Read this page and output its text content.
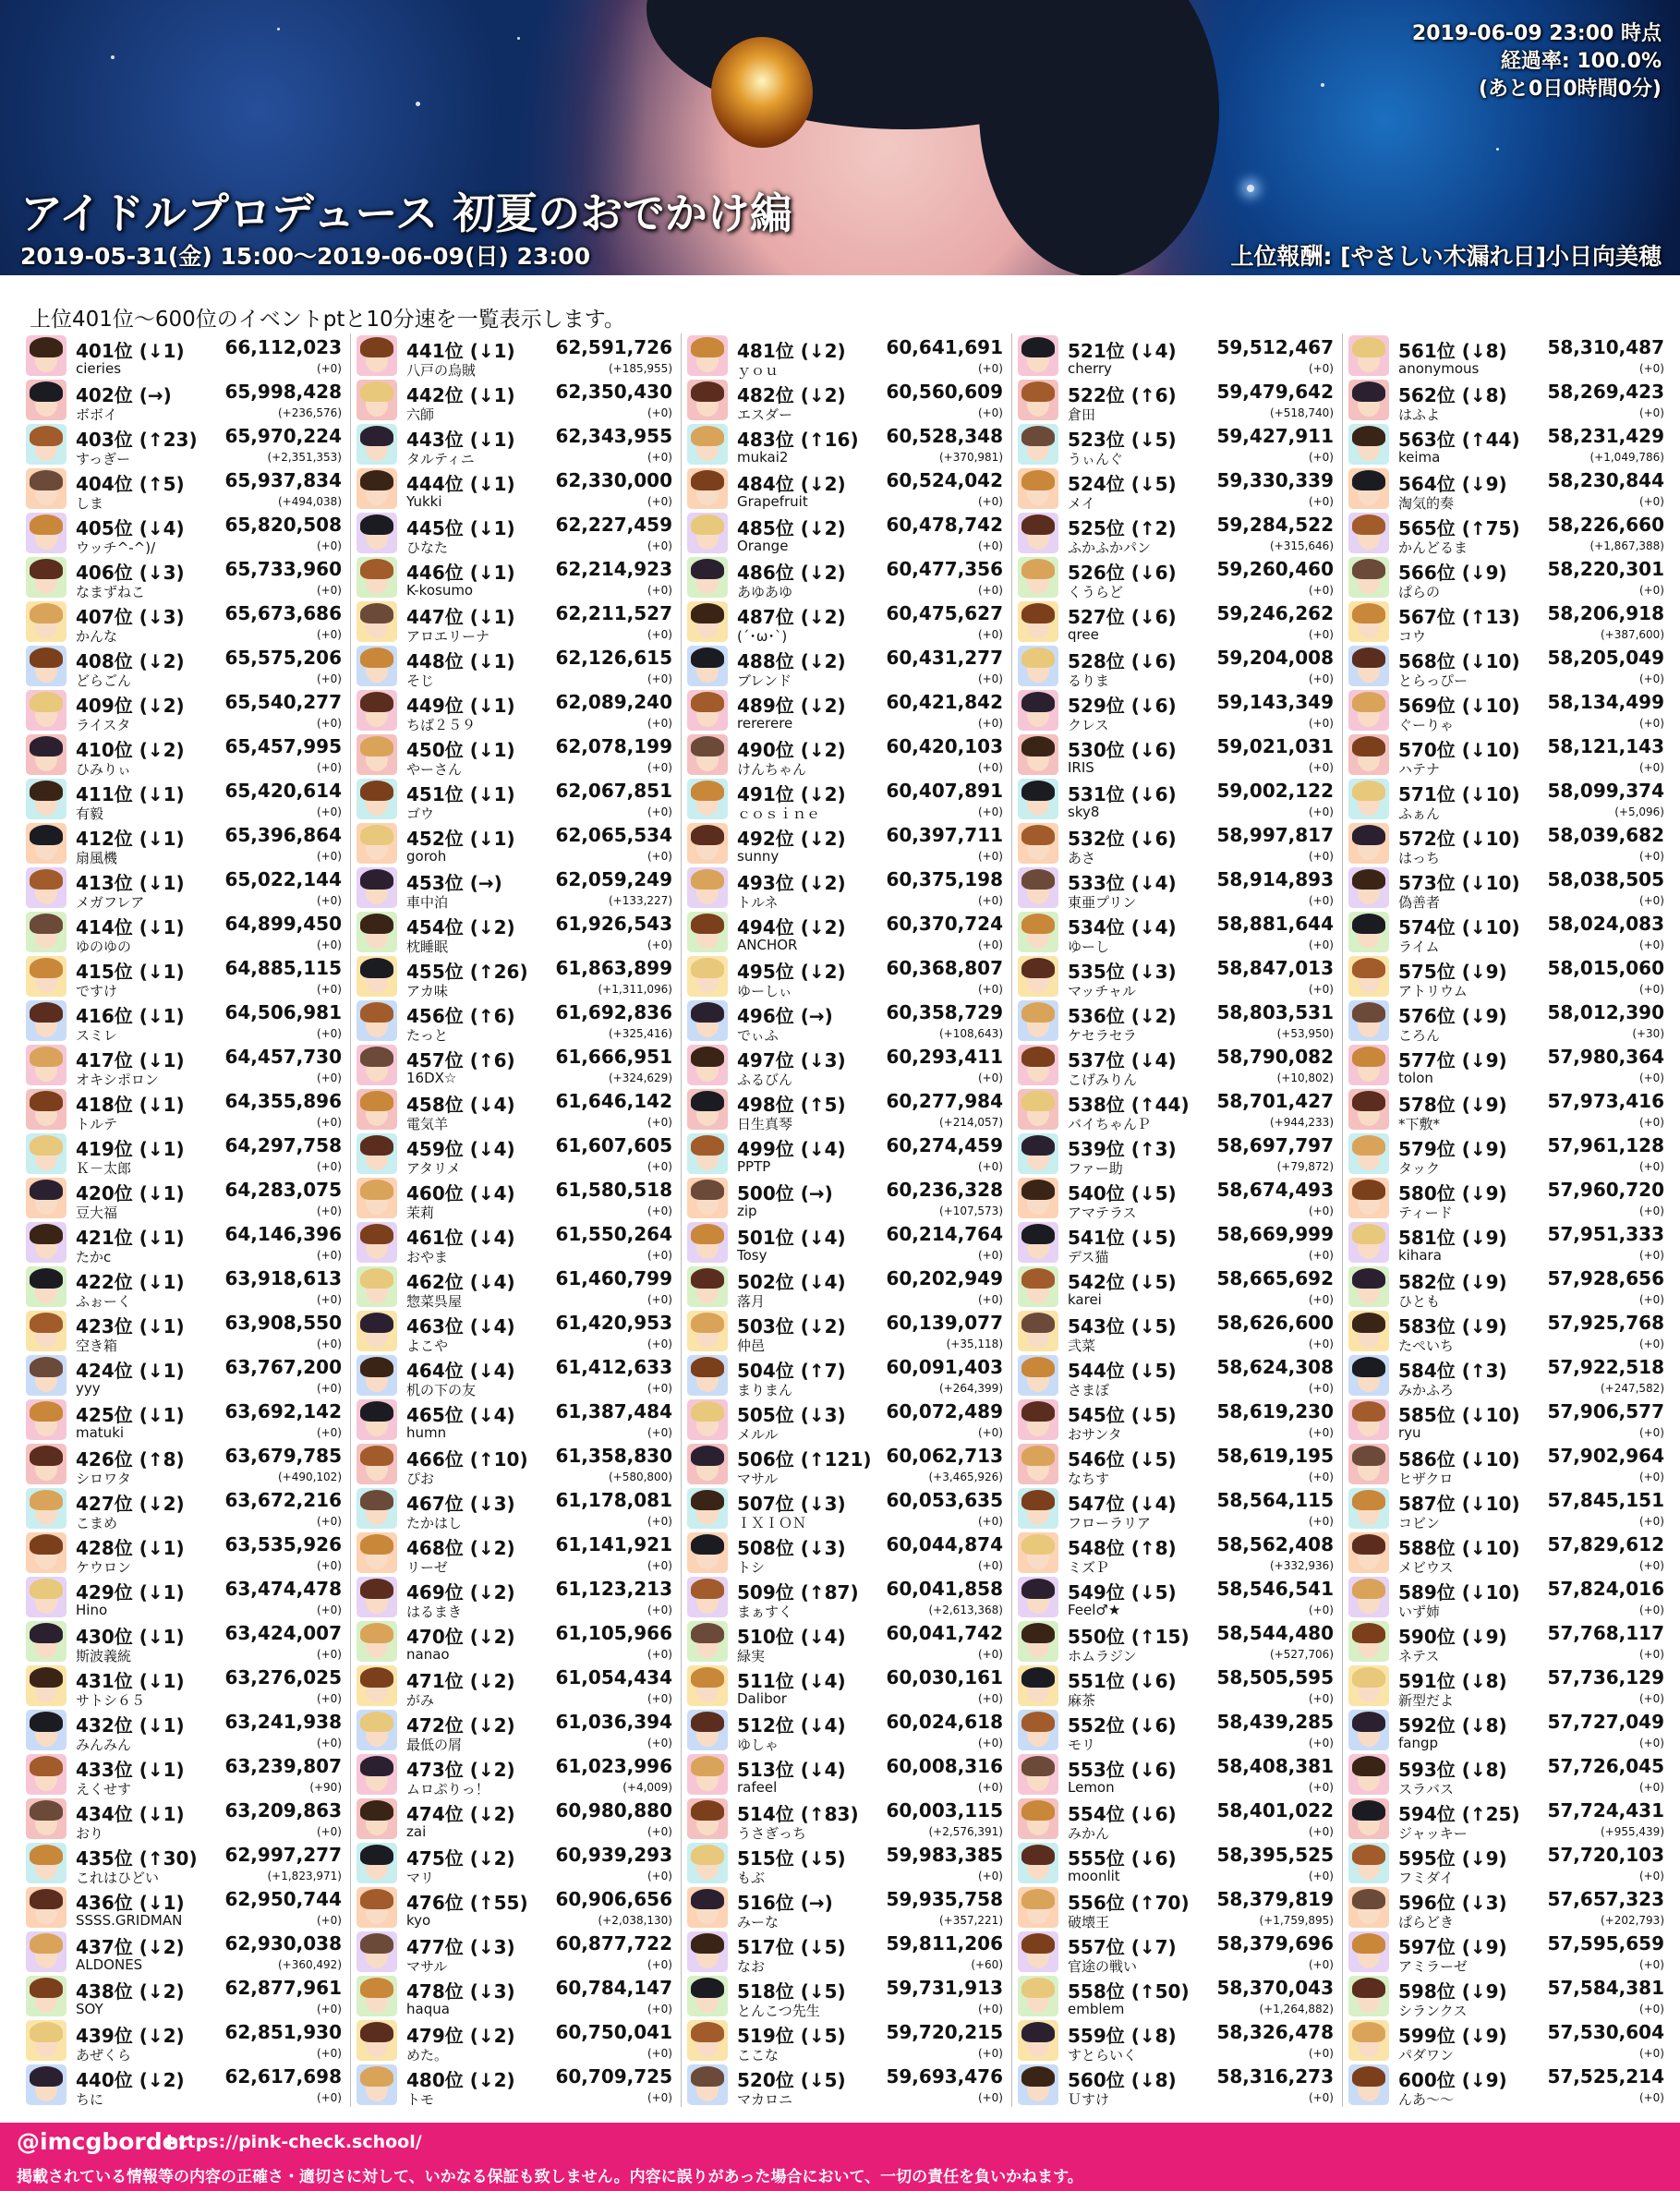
2019-06-09 23:00 時点
経過率: 100.0%
(あと0日0時間0分)
アイドルプロデュース 初夏のおでかけ編
2019-05-31(金) 15:00〜2019-06-09(日) 23:00	上位報酬: [やさしい木漏れ日]小日向美穂
上位401位〜600位のイベントptと10分速を一覧表示します。
401位 (↓1) 66,112,023
cieries	(+0)
402位 (→)	65,998,428
ボボイ	(+236,576)
403位 (↑23) 65,970,224
すっぎー	(+2,351,353)
404位 (↑5) 65,937,834
しま	(+494,038)
405位 (↓4) 65,820,508
ウッチ^-^)/	(+0)
406位 (↓3) 65,733,960
なまずねこ	(+0)
407位 (↓3) 65,673,686
かんな	(+0)
408位 (↓2) 65,575,206
どらごん	(+0)
409位 (↓2) 65,540,277
ライスタ	(+0)
410位 (↓2) 65,457,995
ひみりぃ	(+0)
411位 (↓1) 65,420,614
有毅	(+0)
412位 (↓1) 65,396,864
扇風機	(+0)
413位 (↓1) 65,022,144
メガフレア	(+0)
414位 (↓1) 64,899,450
ゆのゆの	(+0)
415位 (↓1) 64,885,115
ですけ	(+0)
416位 (↓1) 64,506,981
スミレ	(+0)
417位 (↓1) 64,457,730
オキシポロン	(+0)
418位 (↓1) 64,355,896
トルテ	(+0)
419位 (↓1) 64,297,758
Ｋ－太郎	(+0)
420位 (↓1) 64,283,075
豆大福	(+0)
421位 (↓1) 64,146,396
たかc	(+0)
422位 (↓1) 63,918,613
ふぉーく	(+0)
423位 (↓1) 63,908,550
空き箱	(+0)
424位 (↓1) 63,767,200
yyy	(+0)
425位 (↓1) 63,692,142
matuki	(+0)
426位 (↑8) 63,679,785
シロワタ	(+490,102)
427位 (↓2) 63,672,216
こまめ	(+0)
428位 (↓1) 63,535,926
ケウロン	(+0)
429位 (↓1) 63,474,478
Hino	(+0)
430位 (↓1) 63,424,007
斯波義統	(+0)
431位 (↓1) 63,276,025
サトシ６５	(+0)
432位 (↓1) 63,241,938
みんみん	(+0)
433位 (↓1) 63,239,807
えくせす	(+90)
434位 (↓1) 63,209,863
おり	(+0)
435位 (↑30) 62,997,277
これはひどい	(+1,823,971)
436位 (↓1) 62,950,744
SSSS.GRIDMAN	(+0)
437位 (↓2) 62,930,038
ALDONES	(+360,492)
438位 (↓2) 62,877,961
SOY	(+0)
439位 (↓2) 62,851,930
あぜくら	(+0)
440位 (↓2) 62,617,698
ちに	(+0)
441位 (↓1) 62,591,726
八戸の烏賊	(+185,955)
442位 (↓1) 62,350,430
六師	(+0)
443位 (↓1) 62,343,955
タルティニ	(+0)
444位 (↓1) 62,330,000
Yukki	(+0)
445位 (↓1) 62,227,459
ひなた	(+0)
446位 (↓1) 62,214,923
K-kosumo	(+0)
447位 (↓1) 62,211,527
アロエリーナ	(+0)
448位 (↓1) 62,126,615
そじ	(+0)
449位 (↓1) 62,089,240
ちば２５９	(+0)
450位 (↓1) 62,078,199
やーさん	(+0)
451位 (↓1) 62,067,851
ゴウ	(+0)
452位 (↓1) 62,065,534
goroh	(+0)
453位 (→)	62,059,249
車中泊	(+133,227)
454位 (↓2) 61,926,543
枕睡眠	(+0)
455位 (↑26) 61,863,899
アカ味	(+1,311,096)
456位 (↑6) 61,692,836
たっと	(+325,416)
457位 (↑6) 61,666,951
16DX☆	(+324,629)
458位 (↓4) 61,646,142
電気羊	(+0)
459位 (↓4) 61,607,605
アタリメ	(+0)
460位 (↓4) 61,580,518
茉莉	(+0)
461位 (↓4) 61,550,264
おやま	(+0)
462位 (↓4) 61,460,799
惣菜呉屋	(+0)
463位 (↓4) 61,420,953
よこや	(+0)
464位 (↓4) 61,412,633
机の下の友	(+0)
465位 (↓4) 61,387,484
humn	(+0)
466位 (↑10) 61,358,830
ぴお	(+580,800)
467位 (↓3) 61,178,081
たかはし	(+0)
468位 (↓2) 61,141,921
リーゼ	(+0)
469位 (↓2) 61,123,213
はるまき	(+0)
470位 (↓2) 61,105,966
nanao	(+0)
471位 (↓2) 61,054,434
がみ	(+0)
472位 (↓2) 61,036,394
最低の屑	(+0)
473位 (↓2) 61,023,996
ムロぷりっ！	(+4,009)
474位 (↓2) 60,980,880
zai	(+0)
475位 (↓2) 60,939,293
マリ	(+0)
476位 (↑55) 60,906,656
kyo	(+2,038,130)
477位 (↓3) 60,877,722
マサル	(+0)
478位 (↓3) 60,784,147
haqua	(+0)
479位 (↓2) 60,750,041
めた。	(+0)
480位 (↓2) 60,709,725
トモ	(+0)
481位 (↓2) 60,641,691
ｙｏｕ	(+0)
482位 (↓2) 60,560,609
エスダー	(+0)
483位 (↑16) 60,528,348
mukai2	(+370,981)
484位 (↓2) 60,524,042
Grapefruit	(+0)
485位 (↓2) 60,478,742
Orange	(+0)
486位 (↓2) 60,477,356
あゆあゆ	(+0)
487位 (↓2) 60,475,627
(´･ω･`)	(+0)
488位 (↓2) 60,431,277
ブレンド	(+0)
489位 (↓2) 60,421,842
rererere	(+0)
490位 (↓2) 60,420,103
けんちゃん	(+0)
491位 (↓2) 60,407,891
ｃｏｓｉｎｅ	(+0)
492位 (↓2) 60,397,711
sunny	(+0)
493位 (↓2) 60,375,198
トルネ	(+0)
494位 (↓2) 60,370,724
ANCHOR	(+0)
495位 (↓2) 60,368,807
ゆーしぃ	(+0)
496位 (→)	60,358,729
でぃふ	(+108,643)
497位 (↓3) 60,293,411
ふるびん	(+0)
498位 (↑5) 60,277,984
日生真琴	(+214,057)
499位 (↓4) 60,274,459
PPTP	(+0)
500位 (→)	60,236,328
zip	(+107,573)
501位 (↓4) 60,214,764
Tosy	(+0)
502位 (↓4) 60,202,949
落月	(+0)
503位 (↓2) 60,139,077
仲邑	(+35,118)
504位 (↑7) 60,091,403
まりまん	(+264,399)
505位 (↓3) 60,072,489
メルル	(+0)
506位 (↑121) 60,062,713
マサル	(+3,465,926)
507位 (↓3) 60,053,635
ＩＸＩＯＮ	(+0)
508位 (↓3) 60,044,874
トシ	(+0)
509位 (↑87) 60,041,858
まぁすく	(+2,613,368)
510位 (↓4) 60,041,742
緑実	(+0)
511位 (↓4) 60,030,161
Dalibor	(+0)
512位 (↓4) 60,024,618
ゆしゃ	(+0)
513位 (↓4) 60,008,316
rafeel	(+0)
514位 (↑83) 60,003,115
うさぎっち	(+2,576,391)
515位 (↓5) 59,983,385
もぶ	(+0)
516位 (→)	59,935,758
みーな	(+357,221)
517位 (↓5) 59,811,206
なお	(+60)
518位 (↓5) 59,731,913
とんこつ先生	(+0)
519位 (↓5) 59,720,215
ここな	(+0)
520位 (↓5) 59,693,476
マカロニ	(+0)
521位 (↓4) 59,512,467
cherry	(+0)
522位 (↑6) 59,479,642
倉田	(+518,740)
523位 (↓5) 59,427,911
うぃんぐ	(+0)
524位 (↓5) 59,330,339
メイ	(+0)
525位 (↑2) 59,284,522
ふかふかパン	(+315,646)
526位 (↓6) 59,260,460
くうらど	(+0)
527位 (↓6) 59,246,262
qree	(+0)
528位 (↓6) 59,204,008
るりま	(+0)
529位 (↓6) 59,143,349
クレス	(+0)
530位 (↓6) 59,021,031
IRIS	(+0)
531位 (↓6) 59,002,122
sky8	(+0)
532位 (↓6) 58,997,817
あさ	(+0)
533位 (↓4) 58,914,893
東亜プリン	(+0)
534位 (↓4) 58,881,644
ゆーし	(+0)
535位 (↓3) 58,847,013
マッチャル	(+0)
536位 (↓2) 58,803,531
ケセラセラ	(+53,950)
537位 (↓4) 58,790,082
こげみりん	(+10,802)
538位 (↑44) 58,701,427
バイちゃんＰ	(+944,233)
539位 (↑3) 58,697,797
ファー助	(+79,872)
540位 (↓5) 58,674,493
アマテラス	(+0)
541位 (↓5) 58,669,999
デス猫	(+0)
542位 (↓5) 58,665,692
karei	(+0)
543位 (↓5) 58,626,600
弐菜	(+0)
544位 (↓5) 58,624,308
さまぼ	(+0)
545位 (↓5) 58,619,230
おサンタ	(+0)
546位 (↓5) 58,619,195
なちす	(+0)
547位 (↓4) 58,564,115
フローラリア	(+0)
548位 (↑8) 58,562,408
ミズＰ	(+332,936)
549位 (↓5) 58,546,541
Feel♂★	(+0)
550位 (↑15) 58,544,480
ホムラジン	(+527,706)
551位 (↓6) 58,505,595
麻茶	(+0)
552位 (↓6) 58,439,285
モリ	(+0)
553位 (↓6) 58,408,381
Lemon	(+0)
554位 (↓6) 58,401,022
みかん	(+0)
555位 (↓6) 58,395,525
moonlit	(+0)
556位 (↑70) 58,379,819
破壊王	(+1,759,895)
557位 (↓7) 58,379,696
官途の戦い	(+0)
558位 (↑50) 58,370,043
emblem	(+1,264,882)
559位 (↓8) 58,326,478
すとらいく	(+0)
560位 (↓8) 58,316,273
Ｕすけ	(+0)
561位 (↓8) 58,310,487
anonymous	(+0)
562位 (↓8) 58,269,423
はふよ	(+0)
563位 (↑44) 58,231,429
keima	(+1,049,786)
564位 (↓9) 58,230,844
淘気的奏	(+0)
565位 (↑75) 58,226,660
かんどるま	(+1,867,388)
566位 (↓9) 58,220,301
ぱらの	(+0)
567位 (↑13) 58,206,918
コウ	(+387,600)
568位 (↓10) 58,205,049
とらっぴー	(+0)
569位 (↓10) 58,134,499
ぐーりゃ	(+0)
570位 (↓10) 58,121,143
ハテナ	(+0)
571位 (↓10) 58,099,374
ふぁん	(+5,096)
572位 (↓10) 58,039,682
はっち	(+0)
573位 (↓10) 58,038,505
偽善者	(+0)
574位 (↓10) 58,024,083
ライム	(+0)
575位 (↓9) 58,015,060
アトリウム	(+0)
576位 (↓9) 58,012,390
ころん	(+30)
577位 (↓9) 57,980,364
tolon	(+0)
578位 (↓9) 57,973,416
*下敷*	(+0)
579位 (↓9) 57,961,128
タック	(+0)
580位 (↓9) 57,960,720
ティード	(+0)
581位 (↓9) 57,951,333
kihara	(+0)
582位 (↓9) 57,928,656
ひとも	(+0)
583位 (↓9) 57,925,768
たぺいち	(+0)
584位 (↑3) 57,922,518
みかふろ	(+247,582)
585位 (↓10) 57,906,577
ryu	(+0)
586位 (↓10) 57,902,964
ヒザクロ	(+0)
587位 (↓10) 57,845,151
コビン	(+0)
588位 (↓10) 57,829,612
メビウス	(+0)
589位 (↓10) 57,824,016
いず姉	(+0)
590位 (↓9) 57,768,117
ネテス	(+0)
591位 (↓8) 57,736,129
新型だよ	(+0)
592位 (↓8) 57,727,049
fangp	(+0)
593位 (↓8) 57,726,045
スラバス	(+0)
594位 (↑25) 57,724,431
ジャッキー	(+955,439)
595位 (↓9) 57,720,103
フミダイ	(+0)
596位 (↓3) 57,657,323
ぱらどき	(+202,793)
597位 (↓9) 57,595,659
アミラーゼ	(+0)
598位 (↓9) 57,584,381
シランクス	(+0)
599位 (↓9) 57,530,604
パダワン	(+0)
600位 (↓9) 57,525,214
んあ〜〜	(+0)
@imcgborder
https://pink-check.school/
掲載されている情報等の内容の正確さ・適切さに対して、いかなる保証も致しません。内容に誤りがあった場合において、一切の責任を負いかねます。
